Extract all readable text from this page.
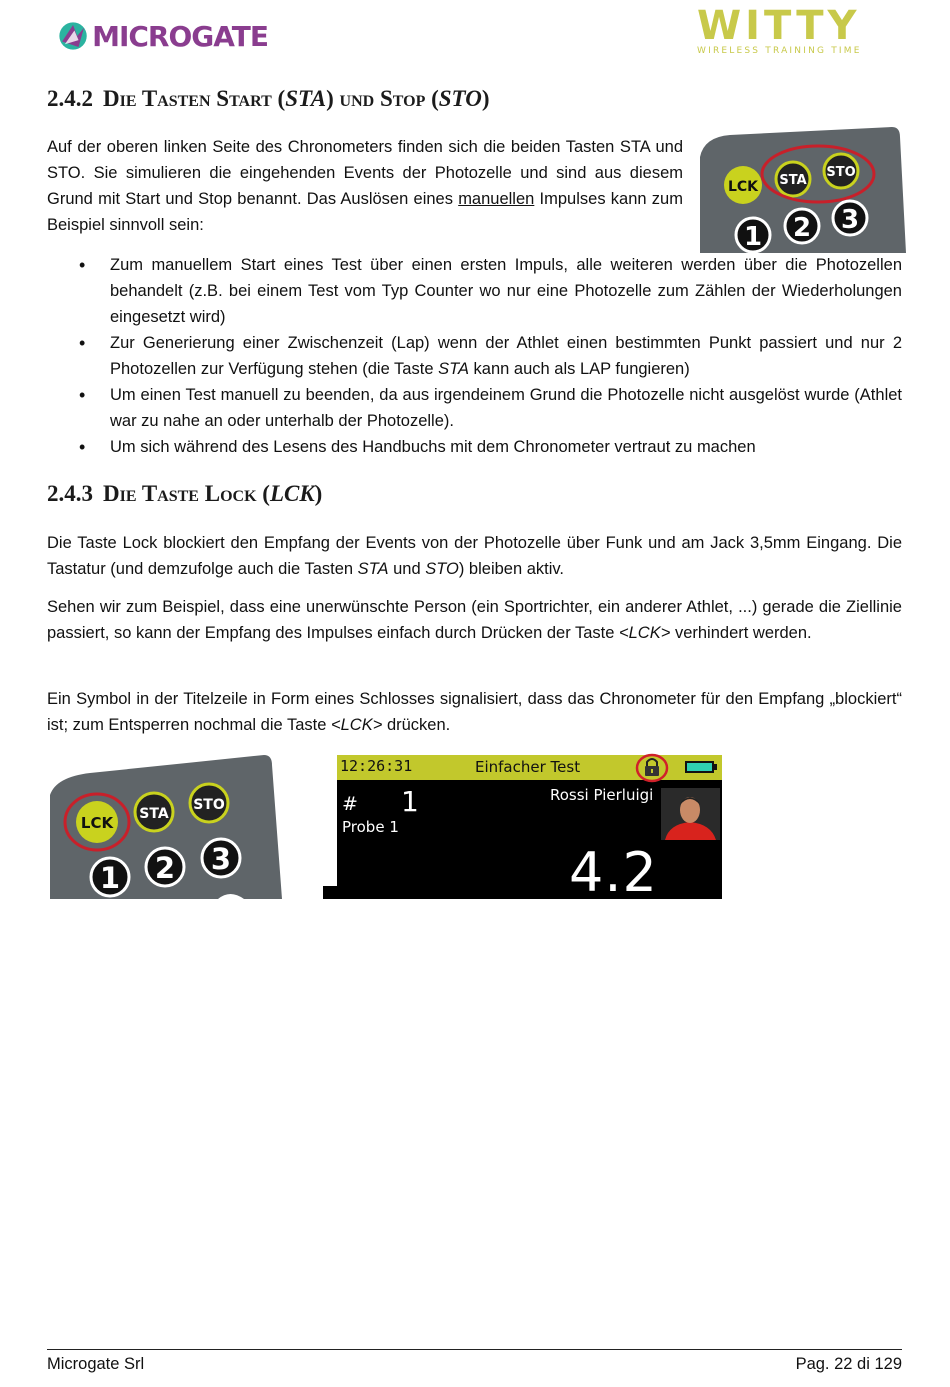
MICROGATE	WITTY
WIRELESS TRAINING TIME
2.4.2 Die Tasten Start (STA) und Stop (STO)

Auf der oberen linken Seite des Chronometers finden sich die beiden Tasten STA und STO. Sie simulieren die eingehenden Events der Photozelle und sind aus diesem Grund mit Start und Stop benannt. Das Auslösen eines manuellen Impulses kann zum Beispiel sinnvoll sein:

LCK STA
STO
1 2 3
• Zum manuellem Start eines Test über einen ersten Impuls, alle weiteren werden über die Photozellen behandelt (z.B. bei einem Test vom Typ Counter wo nur eine Photozelle zum Zählen der Wiederholungen eingesetzt wird)
• Zur Generierung einer Zwischenzeit (Lap) wenn der Athlet einen bestimmten Punkt passiert und nur 2 Photozellen zur Verfügung stehen (die Taste STA kann auch als LAP fungieren)
• Um einen Test manuell zu beenden, da aus irgendeinem Grund die Photozelle nicht ausgelöst wurde (Athlet war zu nahe an oder unterhalb der Photozelle).
• Um sich während des Lesens des Handbuchs mit dem Chronometer vertraut zu machen
2.4.3 Die Taste Lock (LCK)

Die Taste Lock blockiert den Empfang der Events von der Photozelle über Funk und am Jack 3,5mm Eingang. Die Tastatur (und demzufolge auch die Tasten STA und STO) bleiben aktiv.

Sehen wir zum Beispiel, dass eine unerwünschte Person (ein Sportrichter, ein anderer Athlet, ...) gerade die Ziellinie passiert, so kann der Empfang des Impulses einfach durch Drücken der Taste <LCK> verhindert werden.

Ein Symbol in der Titelzeile in Form eines Schlosses signalisiert, dass das Chronometer für den Empfang „blockiert“ ist; zum Entsperren nochmal die Taste <LCK> drücken.

LCK STA
STO
1 2 3
12:26:31	Einfacher Test
# 1	Rossi Pierluigi
Probe 1
4.2
Microgate Srl	Pag. 22 di 129
